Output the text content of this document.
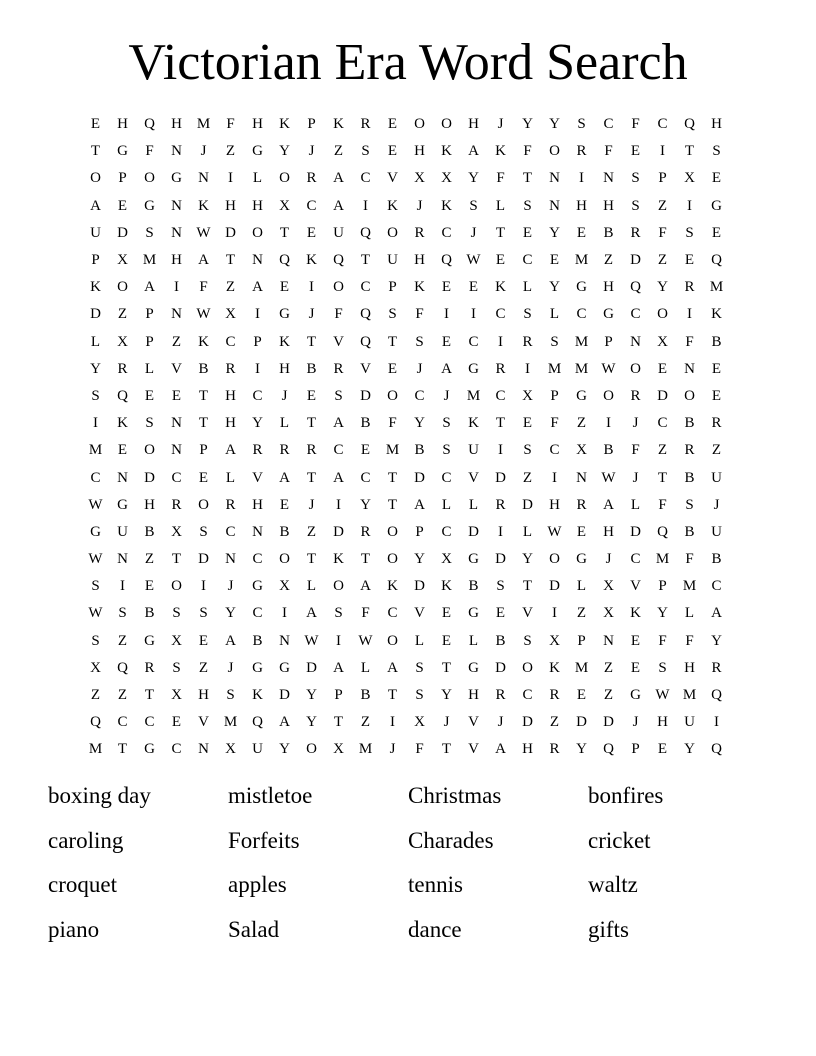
Victorian Era Word Search
E	H	Q	H M	F	H	K	P	K	R	E	O	O	H	J	Y	Y	S	C	F	C	Q	H
T	G	F	N	J	Z	G	Y	J	Z	S	E	H	K	A	K	F	O	R	F	E	I	T	S
O	P	O	G	N	I	L	O	R	A	C	V	X	X	Y	F	T	N	I	N	S	P	X	E
A	E	G	N	K	H	H	X	C	A	I	K	J	K	S	L	S	N	H	H	S	Z	I	G
U	D	S	N W D	O	T	E	U	Q	O	R	C	J	T	E	Y	E	B	R	F	S	E
P	X M H	A	T	N	Q	K	Q	T	U	H	Q W	E	C	E	M	Z	D	Z	E	Q
K	O	A	I	F	Z	A	E	I	O	C	P	K	E	E	K	L	Y	G	H	Q	Y	R	M
D	Z	P	N W X	I	G	J	F	Q	S	F	I	I	C	S	L	C	G	C	O	I	K
L	X	P	Z	K	C	P	K	T	V	Q	T	S	E	C	I	R	S	M	P	N	X	F	B
Y	R	L	V	B	R	I	H	B	R	V	E	J	A	G	R	I	M M W O	E	N	E
S	Q	E	E	T	H	C	J	E	S	D	O	C	J	M	C	X	P	G	O	R	D	O	E
I	K	S	N	T	H	Y	L	T	A	B	F	Y	S	K	T	E	F	Z	I	J	C	B	R
M	E	O	N	P	A	R	R	R	C	E	M	B	S	U	I	S	C	X	B	F	Z	R	Z
C	N	D	C	E	L	V	A	T	A	C	T	D	C	V	D	Z	I	N W	J	T	B	U
W G	H	R	O	R	H	E	J	I	Y	T	A	L	L	R	D	H	R	A	L	F	S	J
G	U	B	X	S	C	N	B	Z	D	R	O	P	C	D	I	L	W	E	H	D	Q	B	U
W N	Z	T	D	N	C	O	T	K	T	O	Y	X	G	D	Y	O	G	J	C	M	F	B
S	I	E	O	I	J	G	X	L	O	A	K	D	K	B	S	T	D	L	X	V	P	M	C
W	S	B	S	S	Y	C	I	A	S	F	C	V	E	G	E	V	I	Z	X	K	Y	L	A
S	Z	G	X	E	A	B	N W	I	W O	L	E	L	B	S	X	P	N	E	F	F	Y
X	Q	R	S	Z	J	G	G	D	A	L	A	S	T	G	D	O	K M	Z	E	S	H	R
Z	Z	T	X	H	S	K	D	Y	P	B	T	S	Y	H	R	C	R	E	Z	G W M Q
Q	C	C	E	V M Q	A	Y	T	Z	I	X	J	V	J	D	Z	D	D	J	H	U	I
M	T	G	C	N	X	U	Y	O	X M	J	F	T	V	A	H	R	Y	Q	P	E	Y	Q
boxing day	mistletoe	Christmas	bonfires
caroling	Forfeits	Charades	cricket
croquet	apples	tennis	waltz
piano	Salad	dance	gifts
